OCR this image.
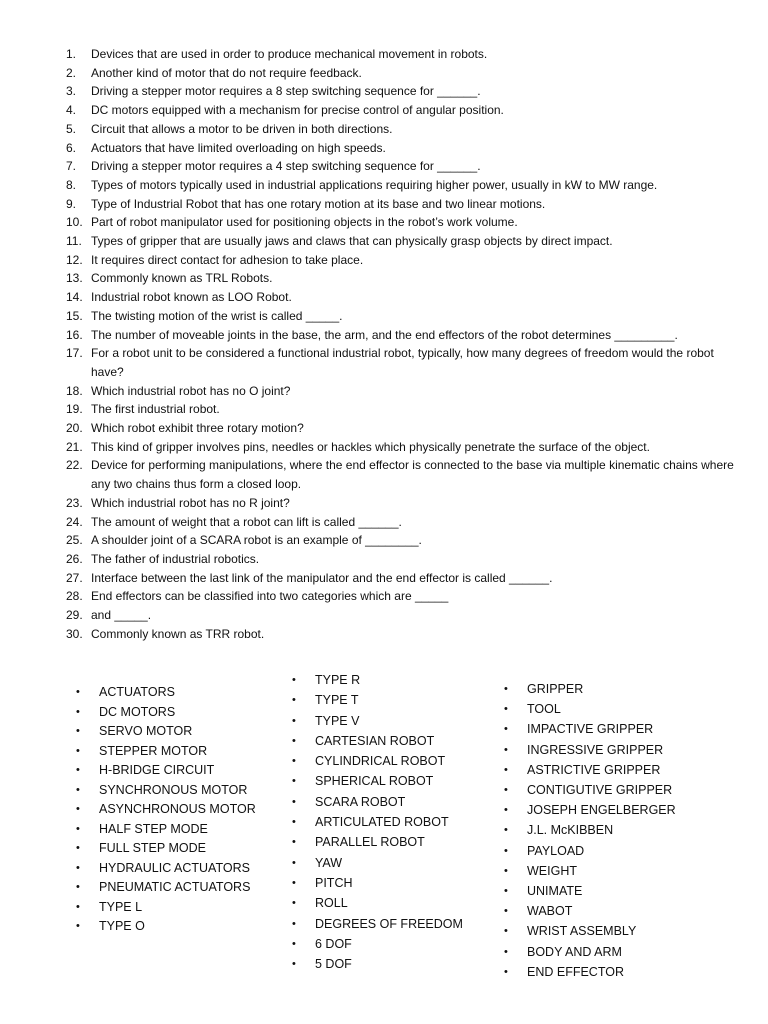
1.	Devices that are used in order to produce mechanical movement in robots.
2.	Another kind of motor that do not require feedback.
3.	Driving a stepper motor requires a 8 step switching sequence for ______.
4.	DC motors equipped with a mechanism for precise control of angular position.
5.	Circuit that allows a motor to be driven in both directions.
6.	Actuators that have limited overloading on high speeds.
7.	Driving a stepper motor requires a 4 step switching sequence for ______.
8.	Types of motors typically used in industrial applications requiring higher power, usually in kW to MW range.
9.	Type of Industrial Robot that has one rotary motion at its base and two linear motions.
10. Part of robot manipulator used for positioning objects in the robot’s work volume.
11. Types of gripper that are usually jaws and claws that can physically grasp objects by direct impact.
12. It requires direct contact for adhesion to take place.
13. Commonly known as TRL Robots.
14. Industrial robot known as LOO Robot.
15. The twisting motion of the wrist is called _____.
16. The number of moveable joints in the base, the arm, and the end effectors of the robot determines _________.
17. For a robot unit to be considered a functional industrial robot, typically, how many degrees of freedom would the robot have?
18. Which industrial robot has no O joint?
19. The first industrial robot.
20. Which robot exhibit three rotary motion?
21. This kind of gripper involves pins, needles or hackles which physically penetrate the surface of the object.
22. Device for performing manipulations, where the end effector is connected to the base via multiple kinematic chains where any two chains thus form a closed loop.
23. Which industrial robot has no R joint?
24. The amount of weight that a robot can lift is called ______.
25. A shoulder joint of a SCARA robot is an example of ________.
26. The father of industrial robotics.
27. Interface between the last link of the manipulator and the end effector is called ______.
28. End effectors can be classified into two categories which are _____
29. and _____.
30. Commonly known as TRR robot.
• ACTUATORS
• DC MOTORS
• SERVO MOTOR
• STEPPER MOTOR
• H-BRIDGE CIRCUIT
• SYNCHRONOUS MOTOR
• ASYNCHRONOUS MOTOR
• HALF STEP MODE
• FULL STEP MODE
• HYDRAULIC ACTUATORS
• PNEUMATIC ACTUATORS
• TYPE L
• TYPE O
• TYPE R
• TYPE T
• TYPE V
• CARTESIAN ROBOT
• CYLINDRICAL ROBOT
• SPHERICAL ROBOT
• SCARA ROBOT
• ARTICULATED ROBOT
• PARALLEL ROBOT
• YAW
• PITCH
• ROLL
• DEGREES OF FREEDOM
• 6 DOF
• 5 DOF
• GRIPPER
• TOOL
• IMPACTIVE GRIPPER
• INGRESSIVE GRIPPER
• ASTRICTIVE GRIPPER
• CONTIGUTIVE GRIPPER
• JOSEPH ENGELBERGER
• J.L. McKIBBEN
• PAYLOAD
• WEIGHT
• UNIMATE
• WABOT
• WRIST ASSEMBLY
• BODY AND ARM
• END EFFECTOR
